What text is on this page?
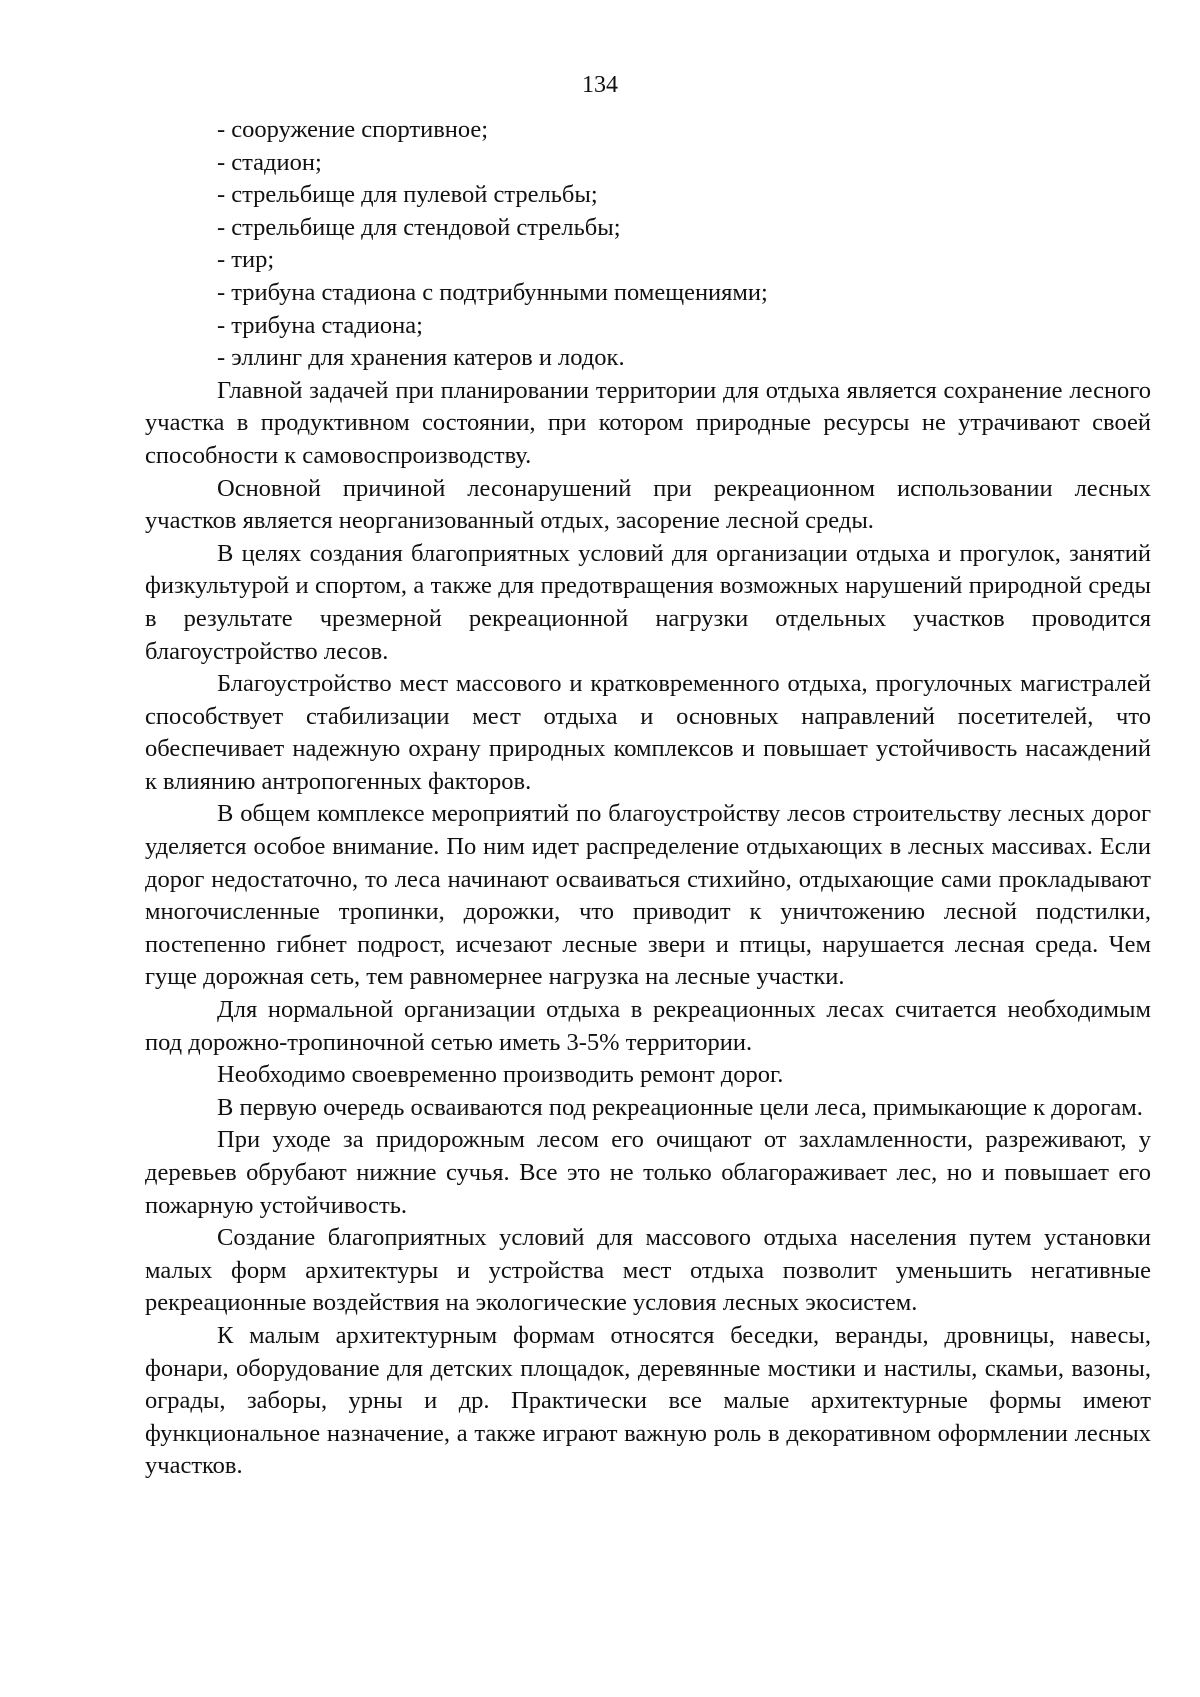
134
- сооружение спортивное;
- стадион;
- стрельбище для пулевой стрельбы;
- стрельбище для стендовой стрельбы;
- тир;
- трибуна стадиона с подтрибунными помещениями;
- трибуна стадиона;
- эллинг для хранения катеров и лодок.

Главной задачей при планировании территории для отдыха является сохранение лесного участка в продуктивном состоянии, при котором природные ресурсы не утрачивают своей способности к самовоспроизводству.

Основной причиной лесонарушений при рекреационном использовании лесных участков является неорганизованный отдых, засорение лесной среды.

В целях создания благоприятных условий для организации отдыха и прогулок, занятий физкультурой и спортом, а также для предотвращения возможных нарушений природной среды в результате чрезмерной рекреационной нагрузки отдельных участков проводится благоустройство лесов.

Благоустройство мест массового и кратковременного отдыха, прогулочных магистралей способствует стабилизации мест отдыха и основных направлений посетителей, что обеспечивает надежную охрану природных комплексов и повышает устойчивость насаждений к влиянию антропогенных факторов.

В общем комплексе мероприятий по благоустройству лесов строительству лесных дорог уделяется особое внимание. По ним идет распределение отдыхающих в лесных массивах. Если дорог недостаточно, то леса начинают осваиваться стихийно, отдыхающие сами прокладывают многочисленные тропинки, дорожки, что приводит к уничтожению лесной подстилки, постепенно гибнет подрост, исчезают лесные звери и птицы, нарушается лесная среда. Чем гуще дорожная сеть, тем равномернее нагрузка на лесные участки.

Для нормальной организации отдыха в рекреационных лесах считается необходимым под дорожно-тропиночной сетью иметь 3-5% территории.

Необходимо своевременно производить ремонт дорог.

В первую очередь осваиваются под рекреационные цели леса, примыкающие к дорогам.

При уходе за придорожным лесом его очищают от захламленности, разреживают, у деревьев обрубают нижние сучья. Все это не только облагораживает лес, но и повышает его пожарную устойчивость.

Создание благоприятных условий для массового отдыха населения путем установки малых форм архитектуры и устройства мест отдыха позволит уменьшить негативные рекреационные воздействия на экологические условия лесных экосистем.

К малым архитектурным формам относятся беседки, веранды, дровницы, навесы, фонари, оборудование для детских площадок, деревянные мостики и настилы, скамьи, вазоны, ограды, заборы, урны и др. Практически все малые архитектурные формы имеют функциональное назначение, а также играют важную роль в декоративном оформлении лесных участков.
